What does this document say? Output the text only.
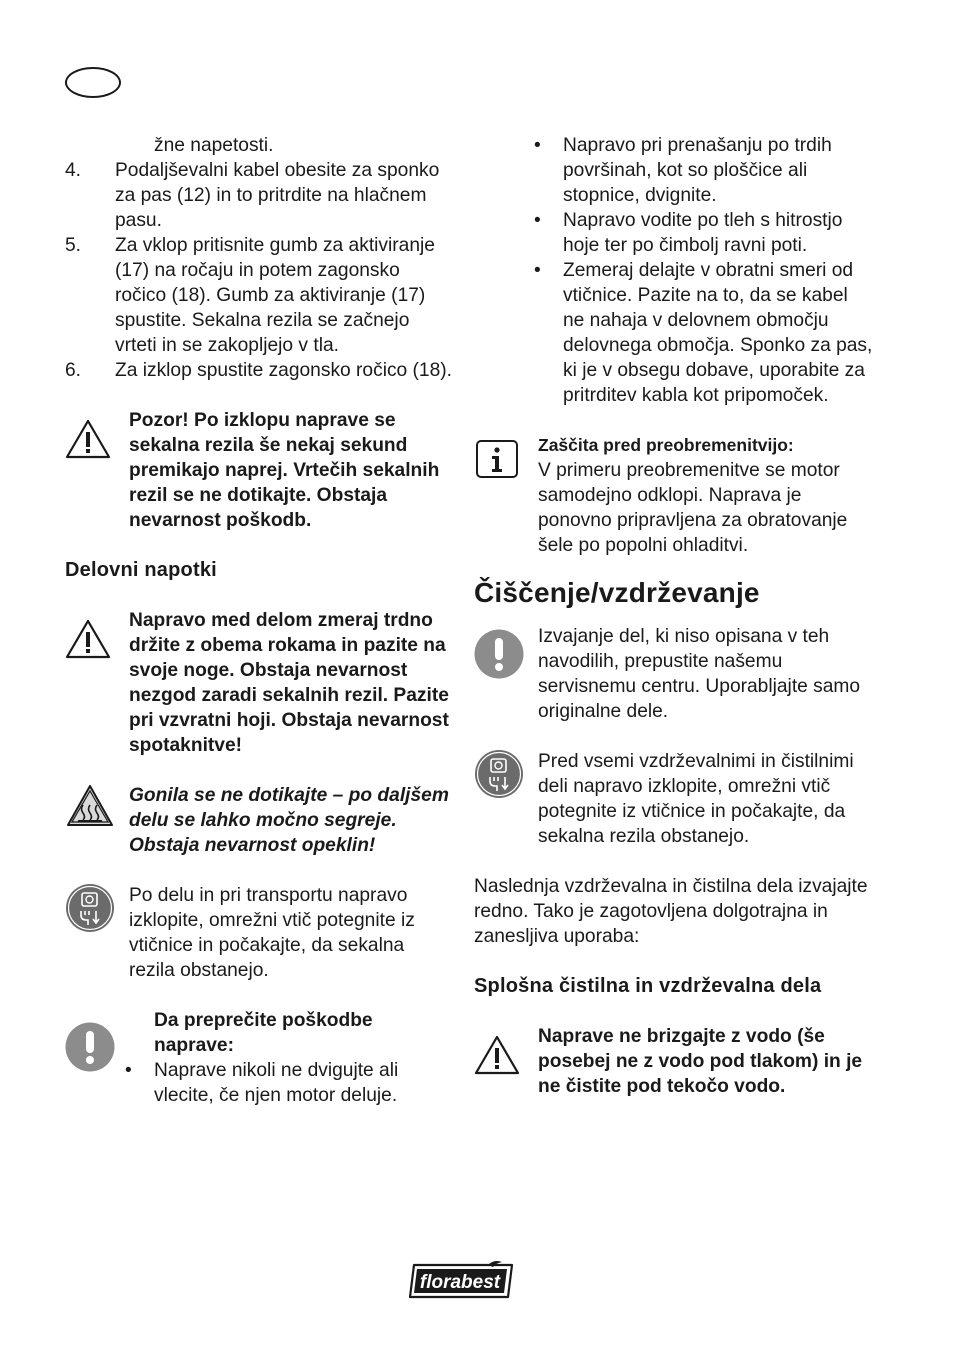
žne napetosti.
4.	Podaljševalni kabel obesite za sponko za pas (12) in to pritrdite na hlačnem pasu.
5.	Za vklop pritisnite gumb za aktiviranje (17) na ročaju in potem zagonsko ročico (18). Gumb za aktiviranje (17) spustite. Sekalna rezila se začnejo vrteti in se zakopljejo v tla.
6.	Za izklop spustite zagonsko ročico (18).
Pozor! Po izklopu naprave se sekalna rezila še nekaj sekund premikajo naprej. Vrtečih sekalnih rezil se ne dotikajte. Obstaja nevarnost poškodb.
Delovni napotki
Napravo med delom zmeraj trdno držite z obema rokama in pazite na svoje noge. Obstaja nevarnost nezgod zaradi sekalnih rezil. Pazite pri vzvratni hoji. Obstaja nevarnost spotaknitve!
Gonila se ne dotikajte – po daljšem delu se lahko močno segreje. Obstaja nevarnost opeklin!
Po delu in pri transportu napravo izklopite, omrežni vtič potegnite iz vtičnice in počakajte, da sekalna rezila obstanejo.
Da preprečite poškodbe naprave:
•	Naprave nikoli ne dvigujte ali vlecite, če njen motor deluje.
•	Napravo pri prenašanju po trdih površinah, kot so ploščice ali stopnice, dvignite.
•	Napravo vodite po tleh s hitrostjo hoje ter po čimbolj ravni poti.
•	Zemeraj delajte v obratni smeri od vtičnice. Pazite na to, da se kabel ne nahaja v delovnem območju delovnega območja. Sponko za pas, ki je v obsegu dobave, uporabite za pritrditev kabla kot pripomoček.
Zaščita pred preobremenitvijo:
V primeru preobremenitve se motor samodejno odklopi. Naprava je ponovno pripravljena za obratovanje šele po popolni ohladitvi.
Čiščenje/vzdrževanje
Izvajanje del, ki niso opisana v teh navodilih, prepustite našemu servisnemu centru. Uporabljajte samo originalne dele.
Pred vsemi vzdrževalnimi in čistilnimi deli napravo izklopite, omrežni vtič potegnite iz vtičnice in počakajte, da sekalna rezila obstanejo.
Naslednja vzdrževalna in čistilna dela izvajajte redno. Tako je zagotovljena dolgotrajna in zanesljiva uporaba:
Splošna čistilna in vzdrževalna dela
Naprave ne brizgajte z vodo (še posebej ne z vodo pod tlakom) in je ne čistite pod tekočo vodo.
florabest
